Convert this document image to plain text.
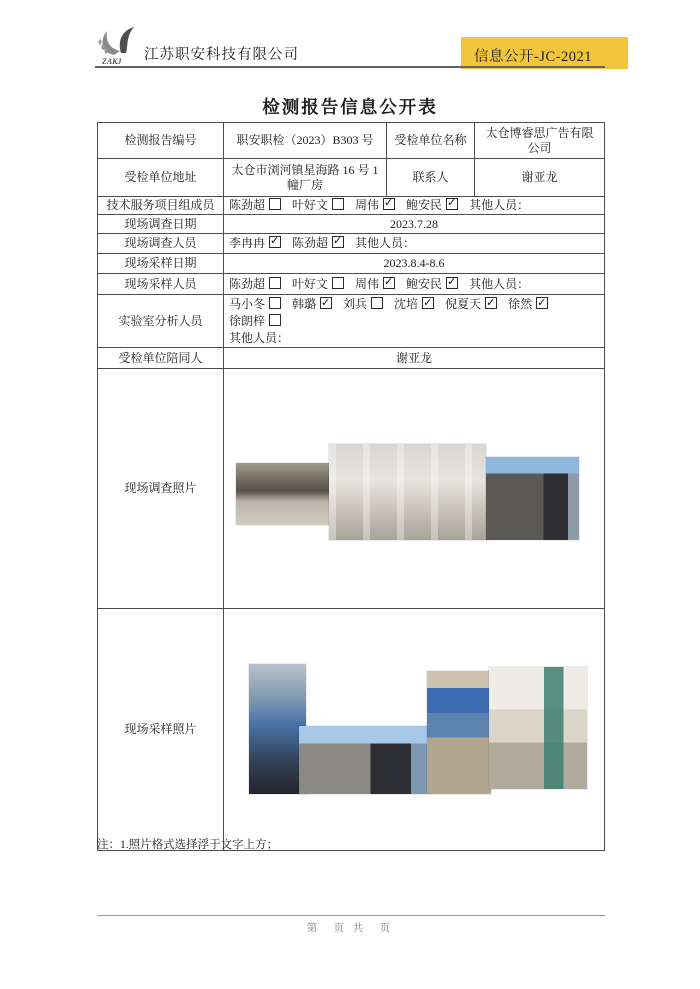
ZAKJ 江苏职安科技有限公司	信息公开-JC-2021
检测报告信息公开表
检测报告编号	职安职检（2023）B303 号	受检单位名称	太仓博睿思广告有限公司
受检单位地址	太仓市浏河镇星海路 16 号 1 幢厂房	联系人	谢亚龙
技术服务项目组成员	陈劲超 叶好文 周伟 ✓ 鲍安民 ✓ 其他人员：
现场调查日期	2023.7.28		
现场调查人员	李冉冉 ✓ 陈劲超 ✓ 其他人员：
现场采样日期	2023.8.4-8.6		
现场采样人员	陈劲超 叶好文 周伟 ✓ 鲍安民 ✓ 其他人员：
实验室分析人员	马小冬 韩璐 ✓ 刘兵 沈培 ✓ 倪夏天✓ 徐然✓徐朗梓
其他人员：

受检单位陪同人	谢亚龙		
现场调查照片			

现场采样照片			
注：1.照片格式选择浮于文字上方；
第　页 共　页
